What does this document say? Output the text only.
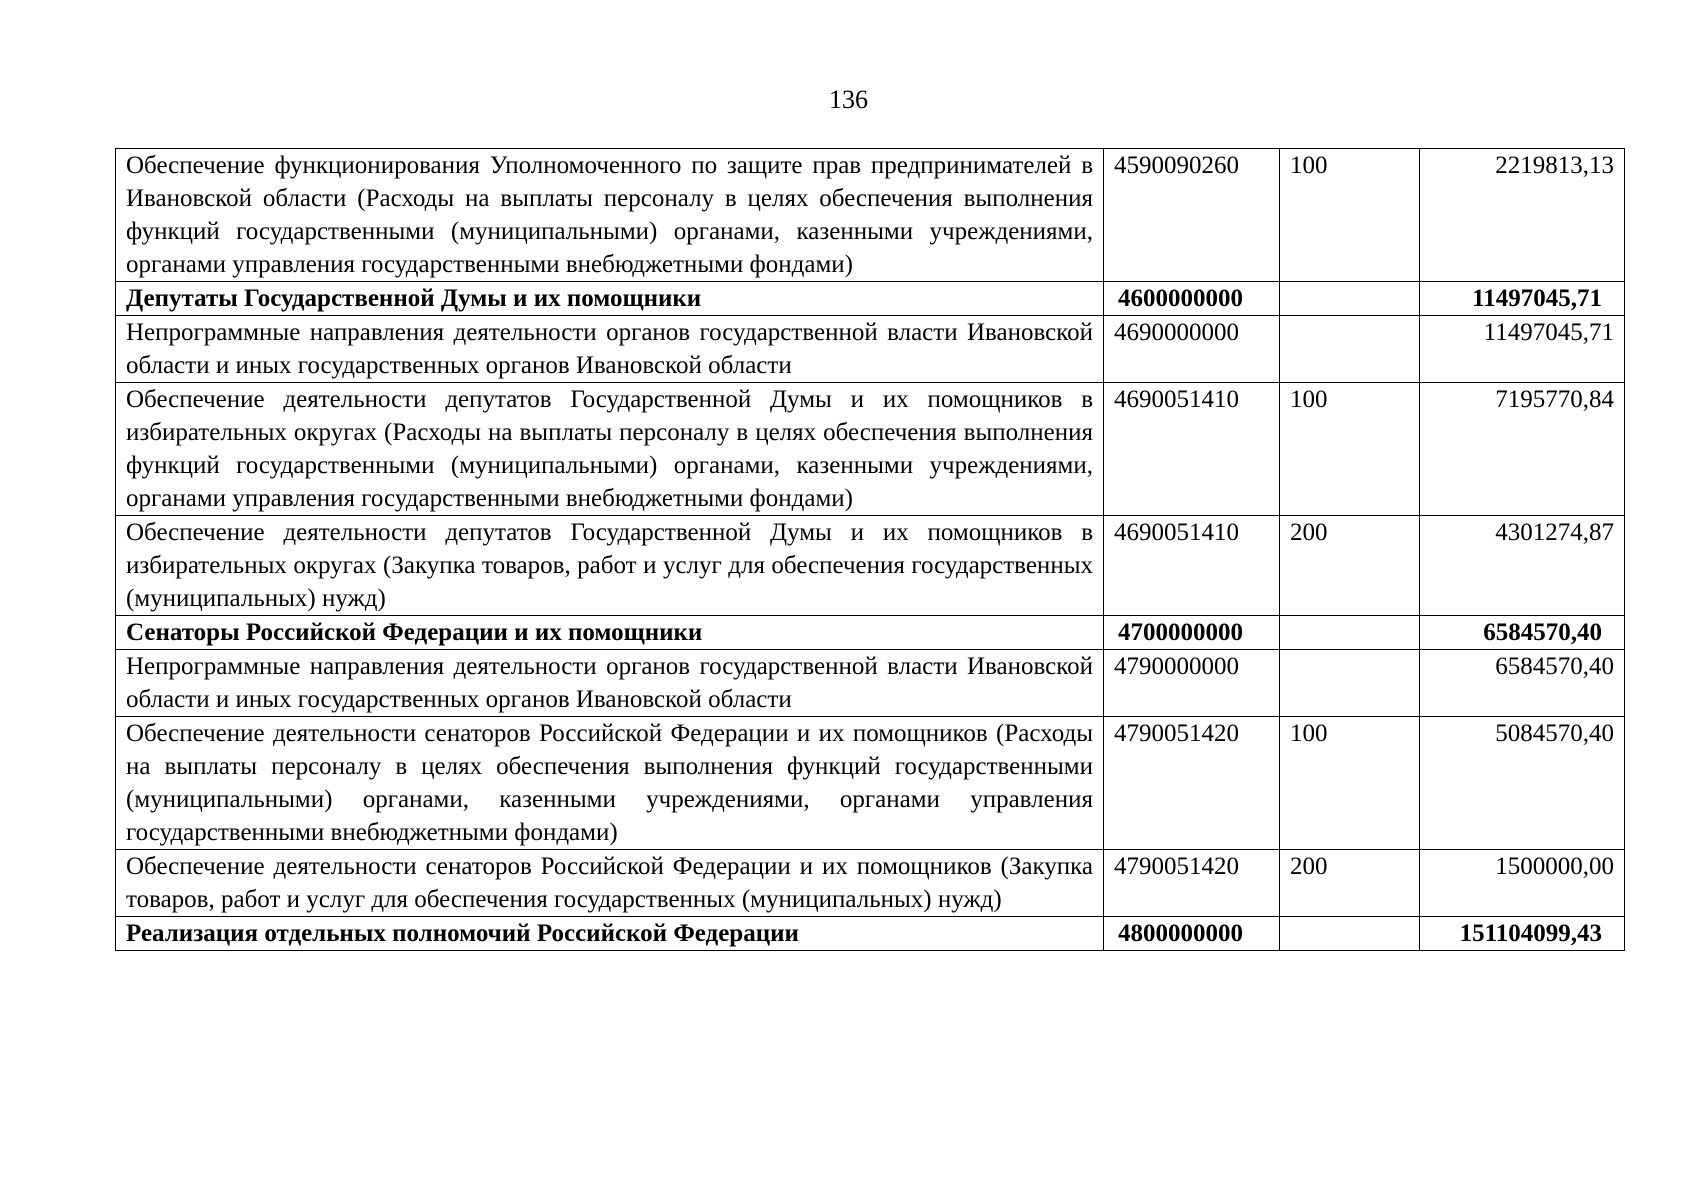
136
Обеспечение функционирования Уполномоченного по защите прав предпринимателей в Ивановской области (Расходы на выплаты персоналу в целях обеспечения выполнения функций государственными (муниципальными) органами, казенными учреждениями, органами управления государственными внебюджетными фондами)	4590090260	100	2219813,13
Депутаты Государственной Думы и их помощники	4600000000		11497045,71
Непрограммные направления деятельности органов государственной власти Ивановской области и иных государственных органов Ивановской области	4690000000		11497045,71
Обеспечение деятельности депутатов Государственной Думы и их помощников в избирательных округах (Расходы на выплаты персоналу в целях обеспечения выполнения функций государственными (муниципальными) органами, казенными учреждениями, органами управления государственными внебюджетными фондами)	4690051410	100	7195770,84
Обеспечение деятельности депутатов Государственной Думы и их помощников в избирательных округах (Закупка товаров, работ и услуг для обеспечения государственных (муниципальных) нужд)	4690051410	200	4301274,87
Сенаторы Российской Федерации и их помощники	4700000000		6584570,40
Непрограммные направления деятельности органов государственной власти Ивановской области и иных государственных органов Ивановской области	4790000000		6584570,40
Обеспечение деятельности сенаторов Российской Федерации и их помощников (Расходы на выплаты персоналу в целях обеспечения выполнения функций государственными (муниципальными) органами, казенными учреждениями, органами управления государственными внебюджетными фондами)	4790051420	100	5084570,40
Обеспечение деятельности сенаторов Российской Федерации и их помощников (Закупка товаров, работ и услуг для обеспечения государственных (муниципальных) нужд)	4790051420	200	1500000,00
Реализация отдельных полномочий Российской Федерации	4800000000		151104099,43
